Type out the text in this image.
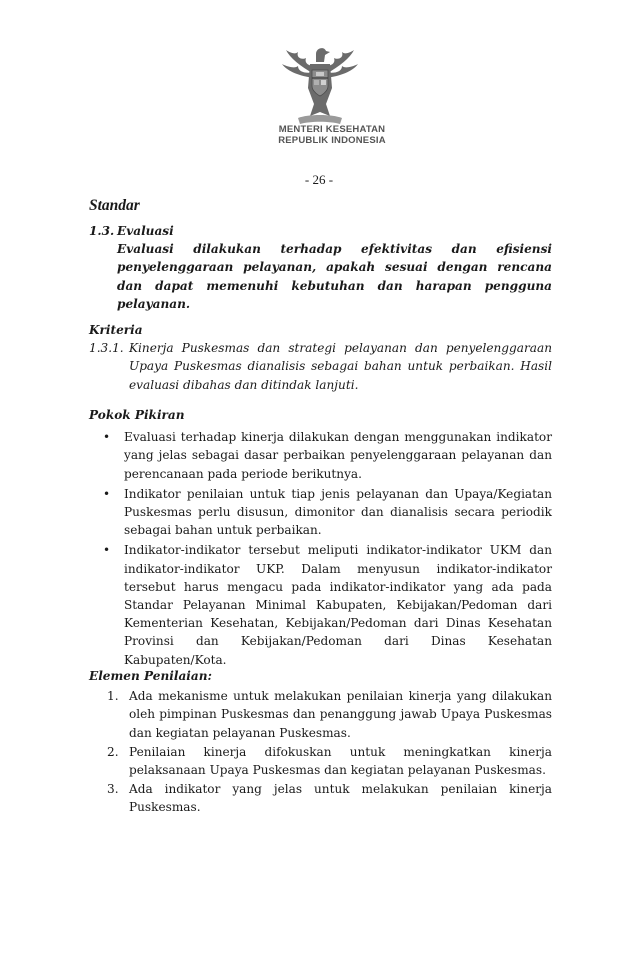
MENTERI KESEHATAN
REPUBLIK INDONESIA
- 26 -
Standar
1.3. Evaluasi
Evaluasi dilakukan terhadap efektivitas dan efisiensi penyelenggaraan pelayanan, apakah sesuai dengan rencana dan dapat memenuhi kebutuhan dan harapan pengguna pelayanan.
Kriteria
1.3.1. Kinerja Puskesmas dan strategi pelayanan dan penyelenggaraan Upaya Puskesmas dianalisis sebagai bahan untuk perbaikan. Hasil evaluasi dibahas dan ditindak lanjuti.
Pokok Pikiran
•	Evaluasi terhadap kinerja dilakukan dengan menggunakan indikator yang jelas sebagai dasar perbaikan penyelenggaraan pelayanan dan perencanaan pada periode berikutnya.
•	Indikator penilaian untuk tiap jenis pelayanan dan Upaya/Kegiatan Puskesmas perlu disusun, dimonitor dan dianalisis secara periodik sebagai bahan untuk perbaikan.
•	Indikator-indikator tersebut meliputi indikator-indikator UKM dan indikator-indikator UKP. Dalam menyusun indikator-indikator tersebut harus mengacu pada indikator-indikator yang ada pada Standar Pelayanan Minimal Kabupaten, Kebijakan/Pedoman dari Kementerian Kesehatan, Kebijakan/Pedoman dari Dinas Kesehatan Provinsi dan Kebijakan/Pedoman dari Dinas Kesehatan Kabupaten/Kota.
Elemen Penilaian:
1. Ada mekanisme untuk melakukan penilaian kinerja yang dilakukan oleh pimpinan Puskesmas dan penanggung jawab Upaya Puskesmas dan kegiatan pelayanan Puskesmas.
2. Penilaian kinerja difokuskan untuk meningkatkan kinerja pelaksanaan Upaya Puskesmas dan kegiatan pelayanan Puskesmas.
3. Ada indikator yang jelas untuk melakukan penilaian kinerja Puskesmas.
